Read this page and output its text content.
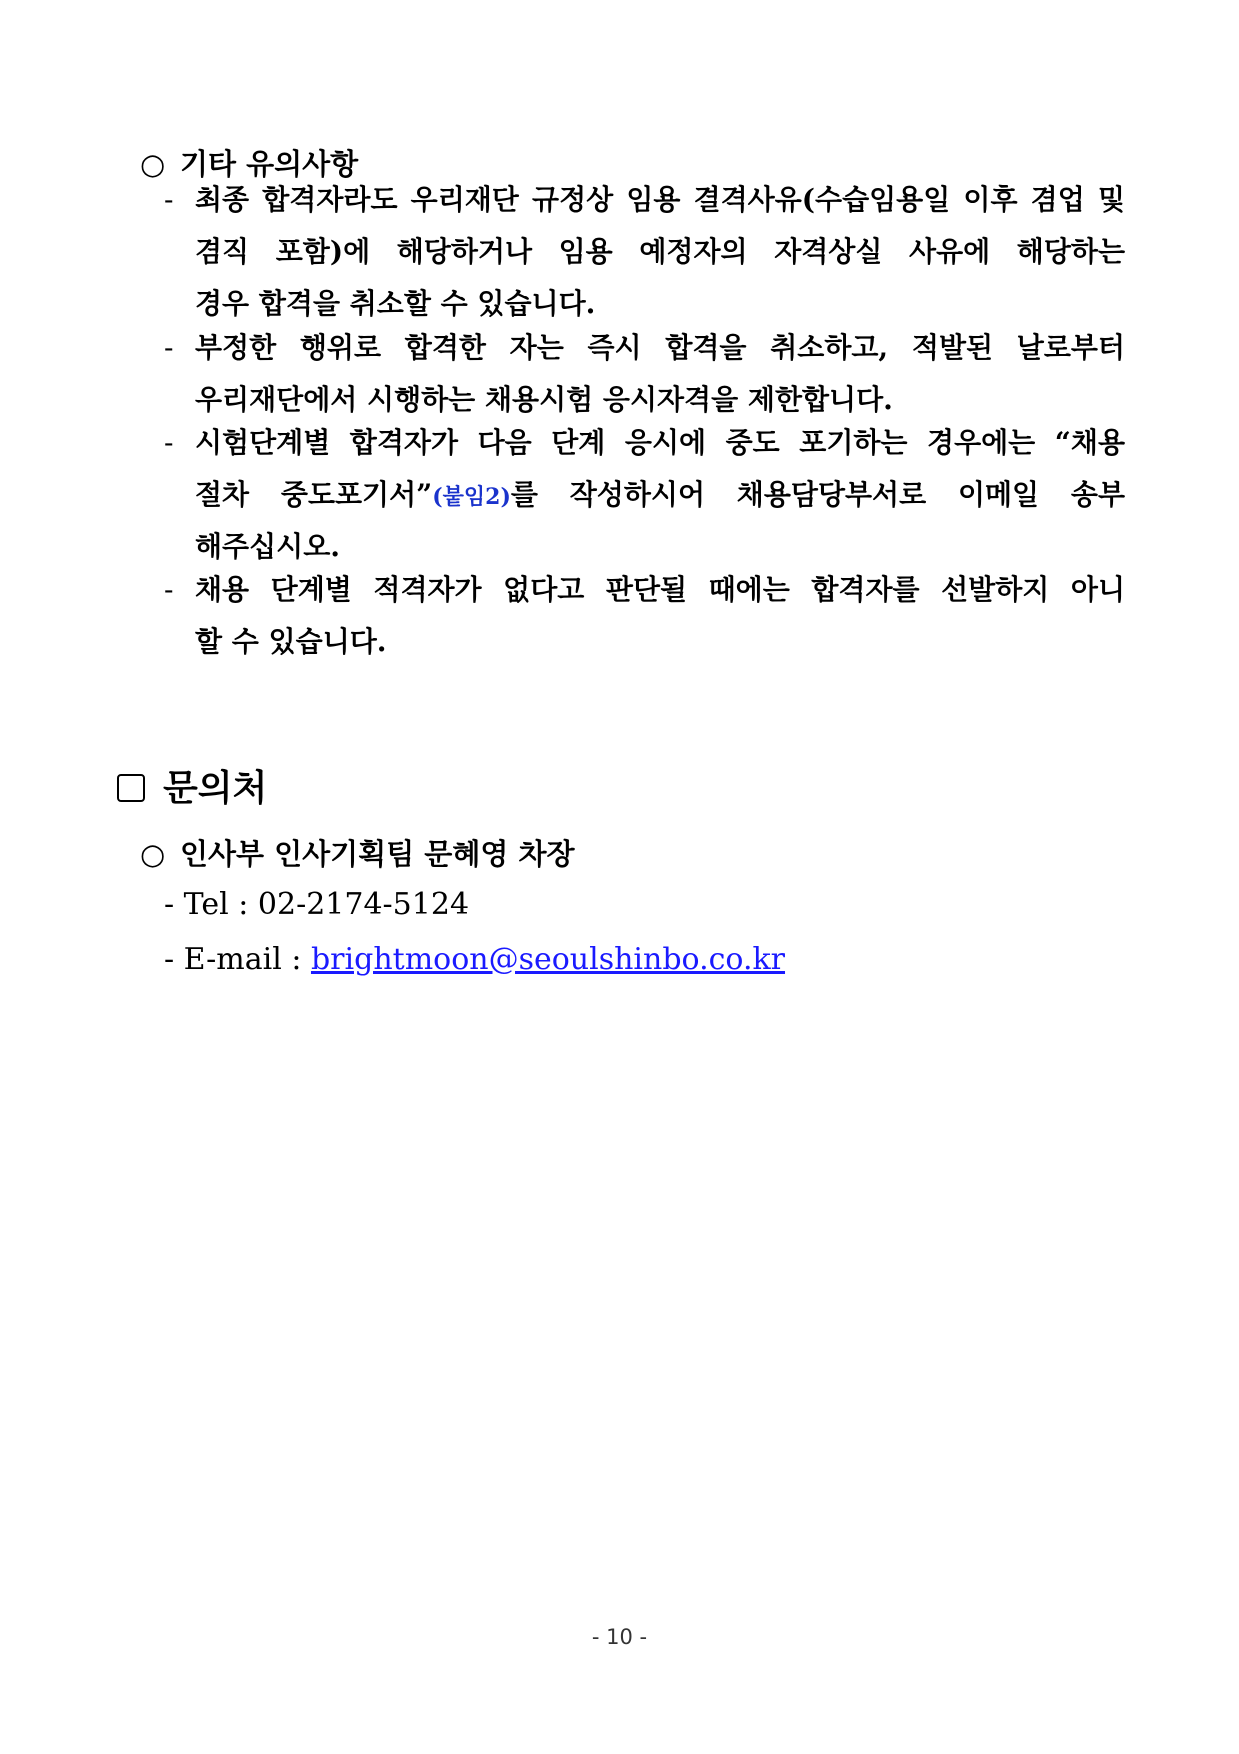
○ 기타 유의사항
- 최종 합격자라도 우리재단 규정상 임용 결격사유(수습임용일 이후 겸업 및
겸직 포함)에 해당하거나 임용 예정자의 자격상실 사유에 해당하는
경우 합격을 취소할 수 있습니다.
- 부정한 행위로 합격한 자는 즉시 합격을 취소하고, 적발된 날로부터
우리재단에서 시행하는 채용시험 응시자격을 제한합니다.
- 시험단계별 합격자가 다음 단계 응시에 중도 포기하는 경우에는 “채용
절차 중도포기서”(붙임2)를 작성하시어 채용담당부서로 이메일 송부
해주십시오.
- 채용 단계별 적격자가 없다고 판단될 때에는 합격자를 선발하지 아니
할 수 있습니다.
문의처
○ 인사부 인사기획팀 문혜영 차장
- Tel : 02-2174-5124
- E-mail : brightmoon@seoulshinbo.co.kr
- 10 -
